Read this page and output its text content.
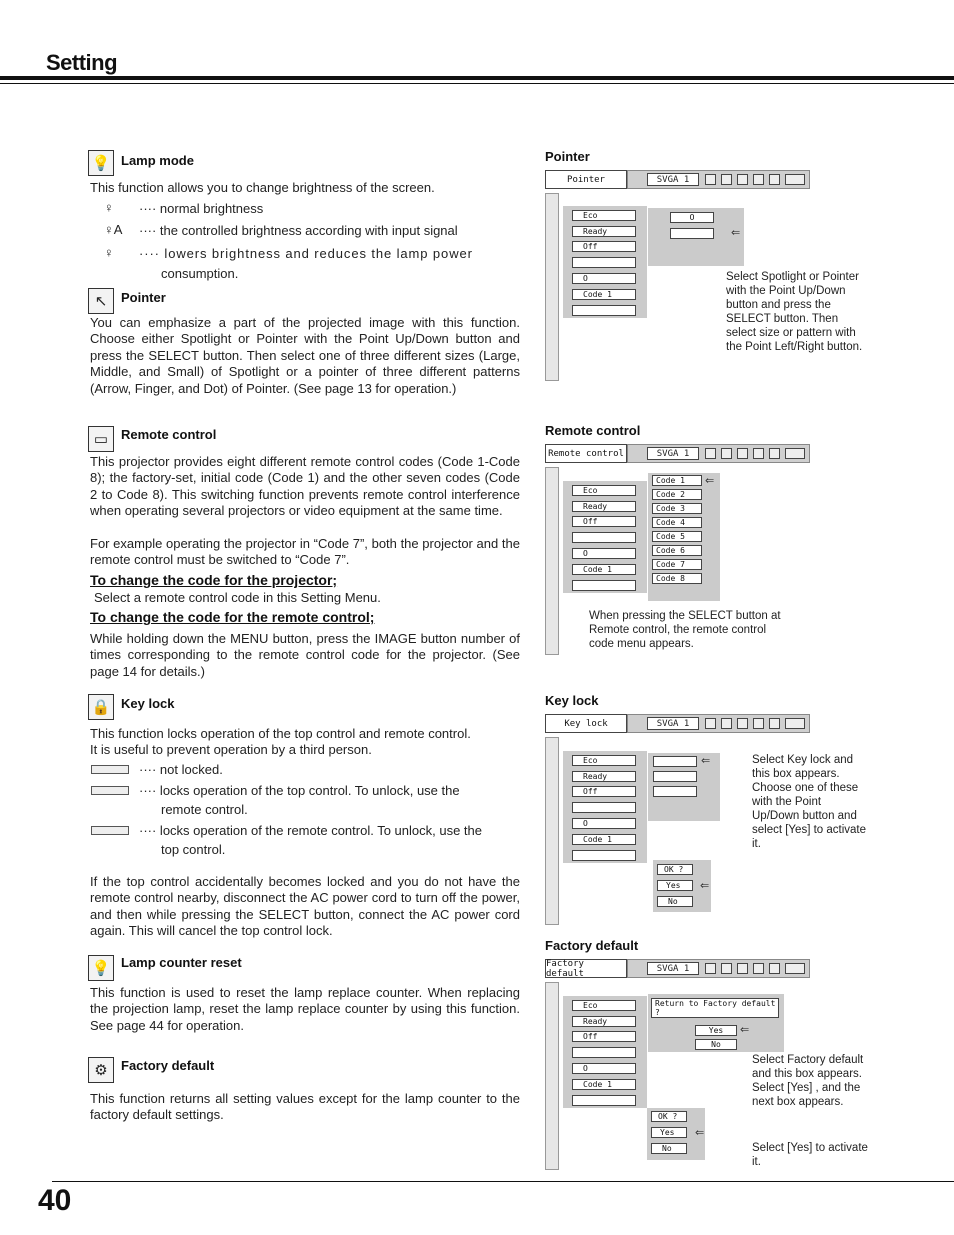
Setting
💡 Lamp mode
This function allows you to change brightness of the screen.
♀ ···· normal brightness
♀A ···· the controlled brightness according with input signal
♀ ···· lowers brightness and reduces the lamp power
consumption.
↖	Pointer
You can emphasize a part of the projected image with this function. Choose either Spotlight or Pointer with the Point Up/Down button and press the SELECT button. Then select one of three different sizes (Large, Middle, and Small) of Spotlight or a pointer of three different patterns (Arrow, Finger, and Dot) of Pointer. (See page 13 for operation.)
▭ Remote control
This projector provides eight different remote control codes (Code 1-Code 8); the factory-set, initial code (Code 1) and the other seven codes (Code 2 to Code 8). This switching function prevents remote control interference when operating several projectors or video equipment at the same time.
For example operating the projector in “Code 7”, both the projector and the remote control must be switched to “Code 7”.
To change the code for the projector;
Select a remote control code in this Setting Menu.
To change the code for the remote control;
While holding down the MENU button, press the IMAGE button number of times corresponding to the remote control code for the projector. (See page 14 for details.)
🔒 Key lock
This function locks operation of the top control and remote control.
It is useful to prevent operation by a third person.
···· not locked.
···· locks operation of the top control. To unlock, use the
remote control.
···· locks operation of the remote control. To unlock, use the
top control.
If the top control accidentally becomes locked and you do not have the remote control nearby, disconnect the AC power cord to turn off the power, and then while pressing the SELECT button, connect the AC power cord again. This will cancel the top control lock.
💡 Lamp counter reset
This function is used to reset the lamp replace counter. When replacing the projection lamp, reset the lamp replace counter by using this function. See page 44 for operation.
⚙	Factory default
This function returns all setting values except for the lamp counter to the factory default settings.
Pointer
Pointer	SVGA 1
Eco
Ready
Off
O
Code 1
O
⇐
Select Spotlight or Pointer with the Point Up/Down button and press the SELECT button. Then select size or pattern with the Point Left/Right button.
Remote control
Remote control	SVGA 1
Eco
Ready
Off
O
Code 1
Code 1
Code 2
Code 3
Code 4
Code 5
Code 6
Code 7
Code 8
⇐
When pressing the SELECT button at Remote control, the remote control code menu appears.
Key lock
Key lock	SVGA 1
Eco
Ready
Off
O
Code 1
⇐
OK ?
Yes
No
⇐
Select Key lock and this box appears. Choose one of these with the Point Up/Down button and select [Yes] to activate it.
Factory default
Factory default	SVGA 1
Eco
Ready
Off
O
Code 1
Return to Factory default ?
Yes
No
⇐
OK ?
Yes
No
⇐
Select Factory default and this box appears. Select [Yes] , and the next box appears.
Select [Yes] to activate it.
40
